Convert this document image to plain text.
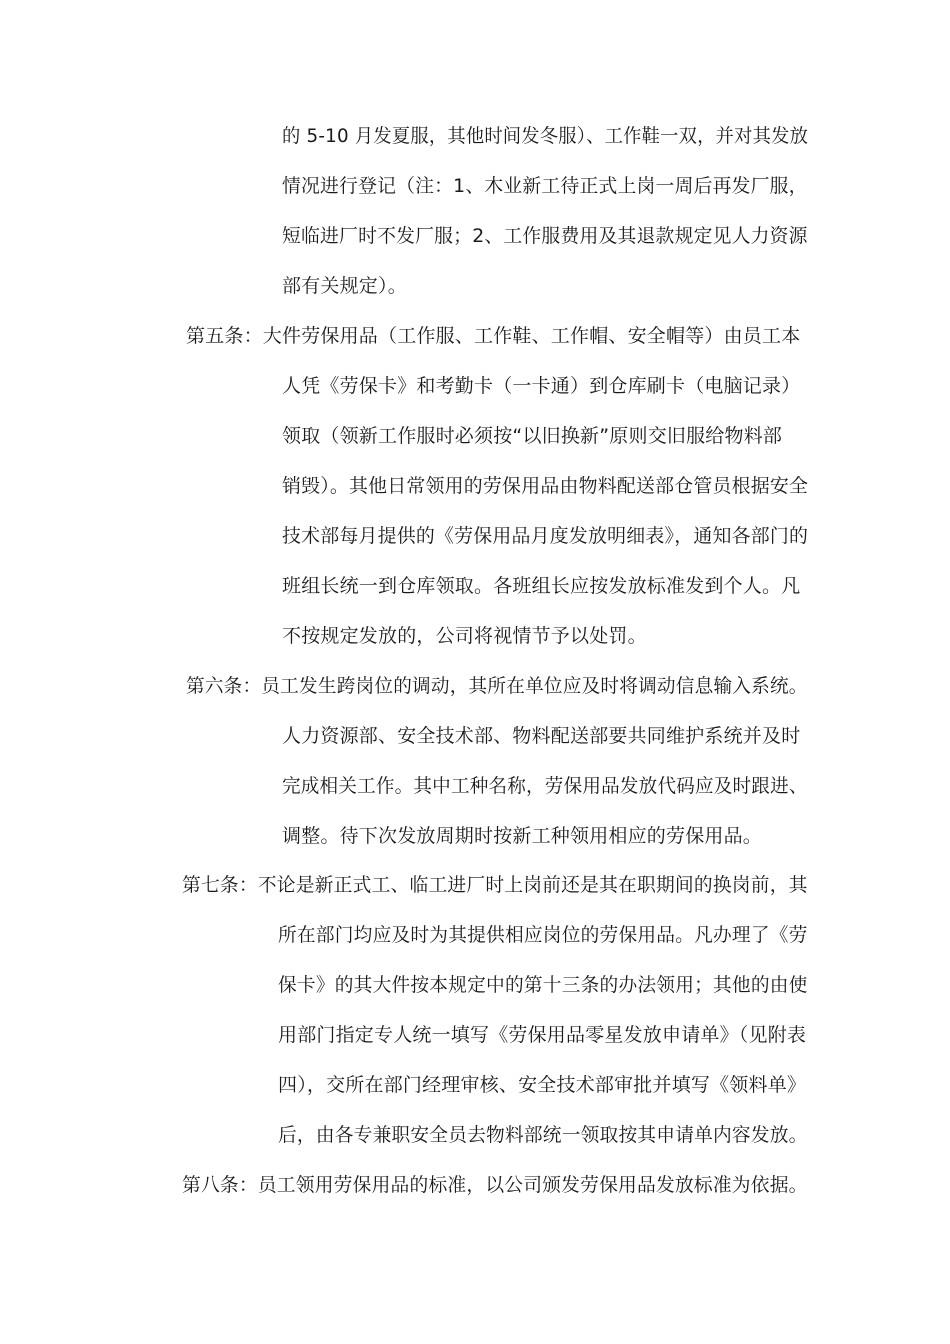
的 5-10 月发夏服，其他时间发冬服）、工作鞋一双，并对其发放
情况进行登记（注：1、木业新工待正式上岗一周后再发厂服，
短临进厂时不发厂服；2、工作服费用及其退款规定见人力资源
部有关规定）。
第五条：大件劳保用品（工作服、工作鞋、工作帽、安全帽等）由员工本
人凭《劳保卡》和考勤卡（一卡通）到仓库刷卡（电脑记录）
领取（领新工作服时必须按“以旧换新”原则交旧服给物料部
销毁）。其他日常领用的劳保用品由物料配送部仓管员根据安全
技术部每月提供的《劳保用品月度发放明细表》，通知各部门的
班组长统一到仓库领取。各班组长应按发放标准发到个人。凡
不按规定发放的，公司将视情节予以处罚。
第六条：员工发生跨岗位的调动，其所在单位应及时将调动信息输入系统。
人力资源部、安全技术部、物料配送部要共同维护系统并及时
完成相关工作。其中工种名称，劳保用品发放代码应及时跟进、
调整。待下次发放周期时按新工种领用相应的劳保用品。
第七条：不论是新正式工、临工进厂时上岗前还是其在职期间的换岗前，其
所在部门均应及时为其提供相应岗位的劳保用品。凡办理了《劳
保卡》的其大件按本规定中的第十三条的办法领用；其他的由使
用部门指定专人统一填写《劳保用品零星发放申请单》（见附表
四），交所在部门经理审核、安全技术部审批并填写《领料单》
后，由各专兼职安全员去物料部统一领取按其申请单内容发放。
第八条：员工领用劳保用品的标准，以公司颁发劳保用品发放标准为依据。
